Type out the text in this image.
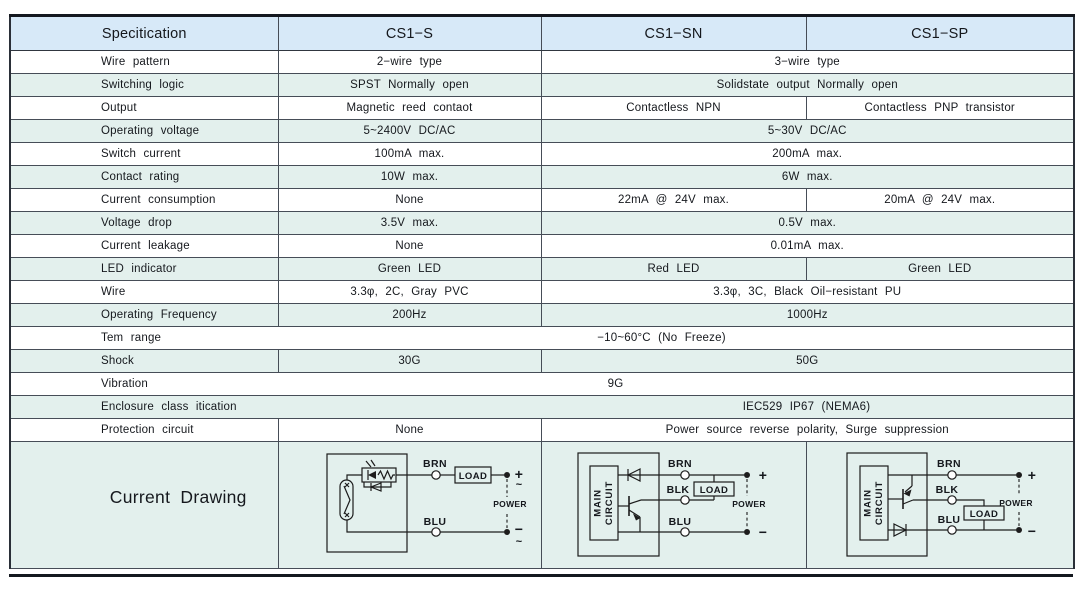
Specitication	CS1−S	CS1−SN	CS1−SP
Wire pattern	2−wire type	3−wire type	
Switching logic	SPST Normally open	Solidstate output Normally open	
Output	Magnetic reed contaot	Contactless NPN	Contactless PNP transistor
Operating voltage	5~2400V DC/AC	5~30V DC/AC	
Switch current	100mA max.	200mA max.	
Contact rating	10W max.	6W max.	
Current consumption	None	22mA @ 24V max.	20mA @ 24V max.
Voltage drop	3.5V max.	0.5V max.	
Current leakage	None	0.01mA max.	
LED indicator	Green LED	Red LED	Green LED
Wire	3.3φ, 2C, Gray PVC	3.3φ, 3C, Black Oil−resistant PU	
Operating Frequency	200Hz	1000Hz	
Tem range	−10~60°C (No Freeze)		
Shock	30G	50G	
Vibration	9G		
Enclosure class itication	IEC529 IP67 (NEMA6)		
Protection circuit	None	Power source reverse polarity, Surge suppression	
Current Drawing	
BRN
BLU
LOAD
POWER
+
~
−
~

MAIN CIRCUIT
BRN
BLK
BLU
LOAD
POWER
+
−

MAIN CIRCUIT
BRN
BLK
BLU LOAD
POWER
+
−
